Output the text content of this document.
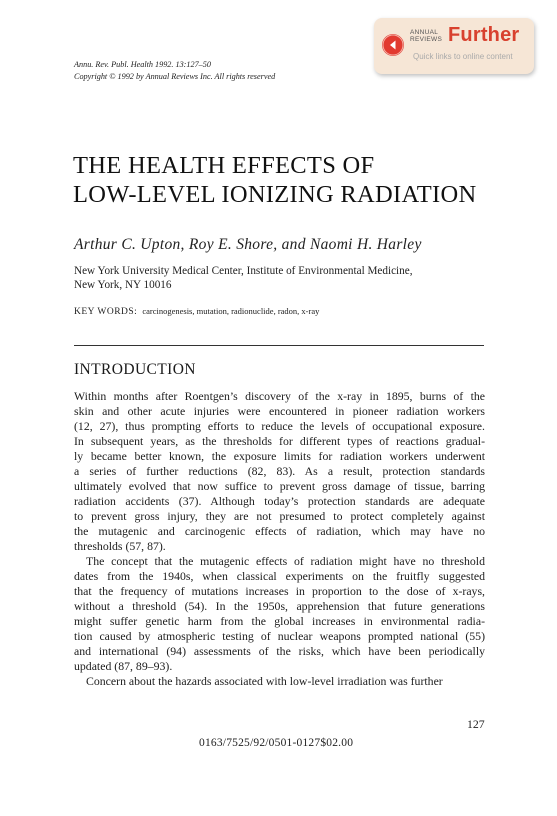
Annu. Rev. Publ. Health 1992. 13:127–50
Copyright © 1992 by Annual Reviews Inc. All rights reserved
ANNUAL
REVIEWS Further
Quick links to online content
THE HEALTH EFFECTS OF
LOW-LEVEL IONIZING RADIATION
Arthur C. Upton, Roy E. Shore, and Naomi H. Harley
New York University Medical Center, Institute of Environmental Medicine,
New York, NY 10016
KEY WORDS: carcinogenesis, mutation, radionuclide, radon, x-ray
INTRODUCTION
Within months after Roentgen’s discovery of the x-ray in 1895, burns of the
skin and other acute injuries were encountered in pioneer radiation workers
(12, 27), thus prompting efforts to reduce the levels of occupational exposure.
In subsequent years, as the thresholds for different types of reactions gradual-
ly became better known, the exposure limits for radiation workers underwent
a series of further reductions (82, 83). As a result, protection standards
ultimately evolved that now suffice to prevent gross damage of tissue, barring
radiation accidents (37). Although today’s protection standards are adequate
to prevent gross injury, they are not presumed to protect completely against
the mutagenic and carcinogenic effects of radiation, which may have no
thresholds (57, 87).
The concept that the mutagenic effects of radiation might have no threshold
dates from the 1940s, when classical experiments on the fruitfly suggested
that the frequency of mutations increases in proportion to the dose of x-rays,
without a threshold (54). In the 1950s, apprehension that future generations
might suffer genetic harm from the global increases in environmental radia-
tion caused by atmospheric testing of nuclear weapons prompted national (55)
and international (94) assessments of the risks, which have been periodically
updated (87, 89–93).
Concern about the hazards associated with low-level irradiation was further
127
0163/7525/92/0501-0127$02.00
